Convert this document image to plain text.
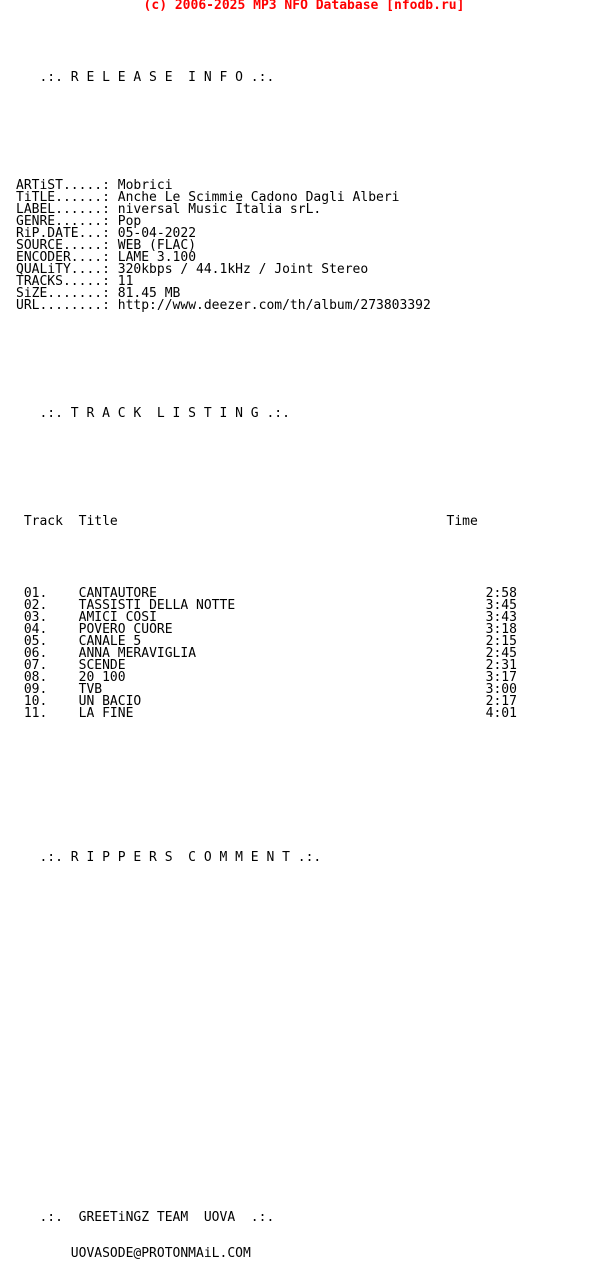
(c) 2006-2025 MP3 NFO Database [nfodb.ru]

.:. R E L E A S E  I N F O .:.

ARTiST.....: Mobrici
TiTLE......: Anche Le Scimmie Cadono Dagli Alberi
LABEL......: niversal Music Italia srL.
GENRE......: Pop
RiP.DATE...: 05-04-2022
SOURCE.....: WEB (FLAC)
ENCODER....: LAME 3.100
QUALiTY....: 320kbps / 44.1kHz / Joint Stereo
TRACKS.....: 11
SiZE.......: 81.45 MB
URL........: http://www.deezer.com/th/album/273803392

.:. T R A C K  L I S T I N G .:.

Track Title	Time

01. CANTAUTORE	2:58
02. TASSISTI DELLA NOTTE	3:45
03. AMICI COSI	3:43
04. POVERO CUORE	3:18
05. CANALE 5	2:15
06. ANNA MERAVIGLIA	2:45
07. SCENDE	2:31
08. 20 100	3:17
09. TVB	3:00
10. UN BACIO	2:17
11. LA FINE	4:01

.:. R I P P E R S  C O M M E N T .:.

.:.  GREETiNGZ TEAM  UOVA  .:.

UOVASODE@PROTONMAiL.COM
